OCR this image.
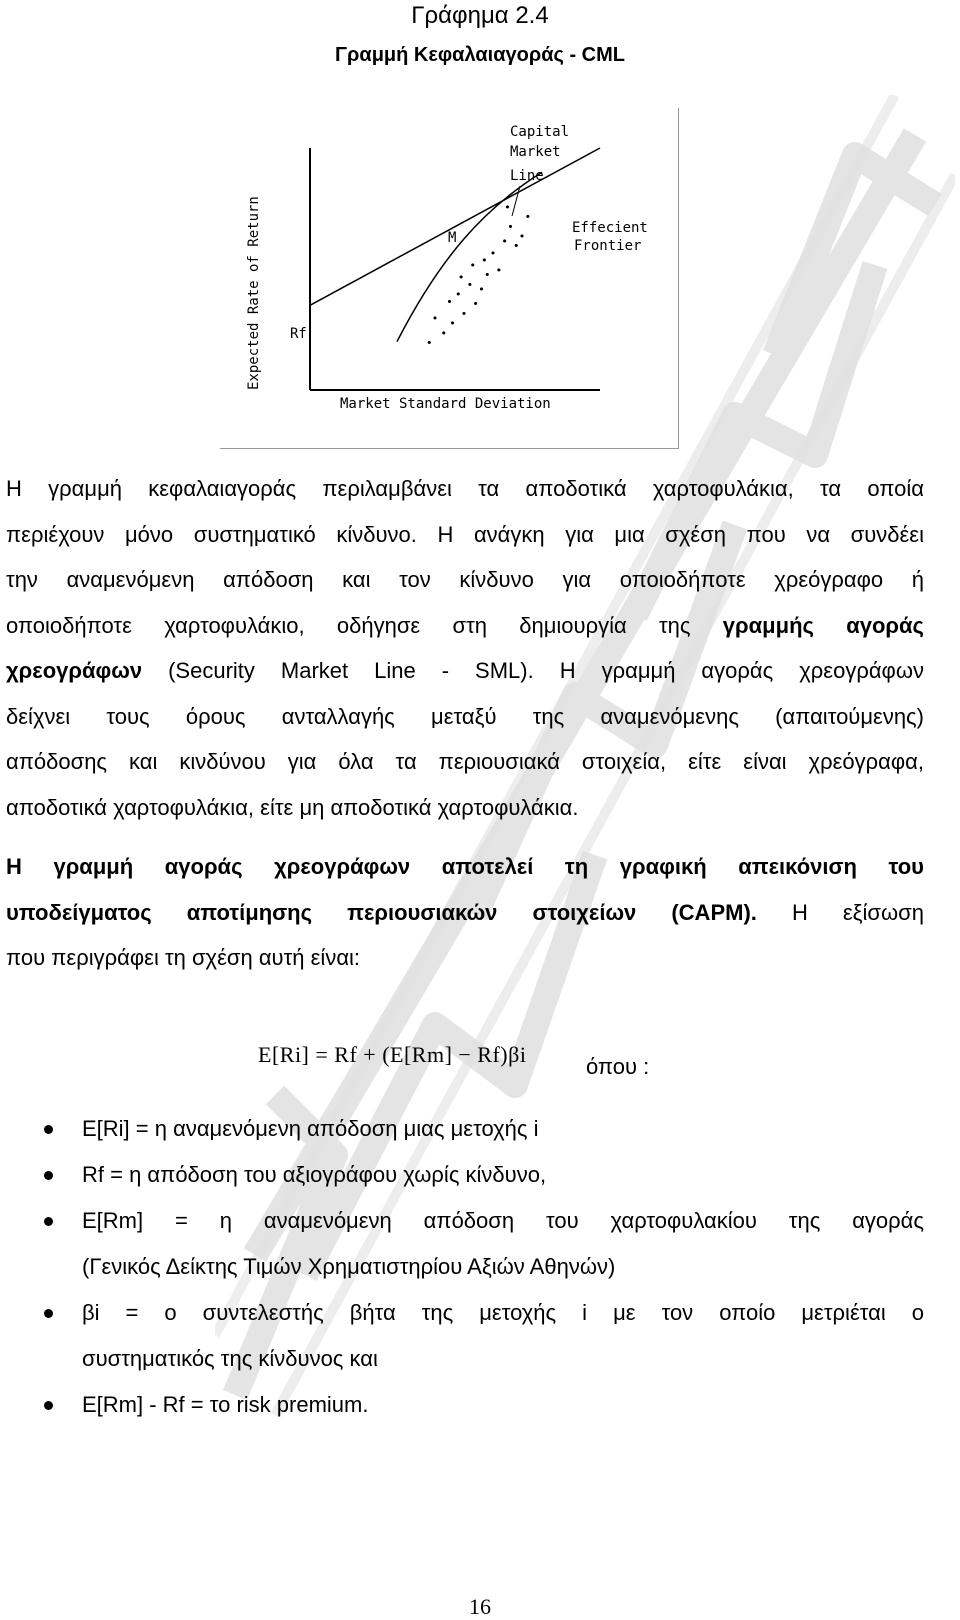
Γράφημα 2.4
Γραμμή Κεφαλαιαγοράς - CML
Expected Rate of Return
Market Standard Deviation
Capital
Market
Line
Effecient
Frontier
M
Rf
•
•
•
•
•
•
• •
•
•
•
•
•
•
•
•
•
•
•
•
•
•
Η γραμμή κεφαλαιαγοράς περιλαμβάνει τα αποδοτικά χαρτοφυλάκια, τα οποία
περιέχουν μόνο συστηματικό κίνδυνο. Η ανάγκη για μια σχέση που να συνδέει
την αναμενόμενη απόδοση και τον κίνδυνο για οποιοδήποτε χρεόγραφο ή
οποιοδήποτε χαρτοφυλάκιο, οδήγησε στη δημιουργία της γραμμής αγοράς
χρεογράφων (Security Market Line - SML). Η γραμμή αγοράς χρεογράφων
δείχνει τους όρους ανταλλαγής μεταξύ της αναμενόμενης (απαιτούμενης)
απόδοσης και κινδύνου για όλα τα περιουσιακά στοιχεία, είτε είναι χρεόγραφα,
αποδοτικά χαρτοφυλάκια, είτε μη αποδοτικά χαρτοφυλάκια.
Η γραμμή αγοράς χρεογράφων αποτελεί τη γραφική απεικόνιση του
υποδείγματος αποτίμησης περιουσιακών στοιχείων (CAPM). Η εξίσωση
που περιγράφει τη σχέση αυτή είναι:
E[Ri] = Rf + (E[Rm] − Rf)βi	όπου :
E[Ri] = η αναμενόμενη απόδοση μιας μετοχής i
Rf = η απόδοση του αξιογράφου χωρίς κίνδυνο,
E[Rm] = η αναμενόμενη απόδοση του χαρτοφυλακίου της αγοράς
(Γενικός Δείκτης Τιμών Χρηματιστηρίου Αξιών Αθηνών)
βi = ο συντελεστής βήτα της μετοχής i με τον οποίο μετριέται ο
συστηματικός της κίνδυνος και
E[Rm] - Rf = το risk premium.
16
